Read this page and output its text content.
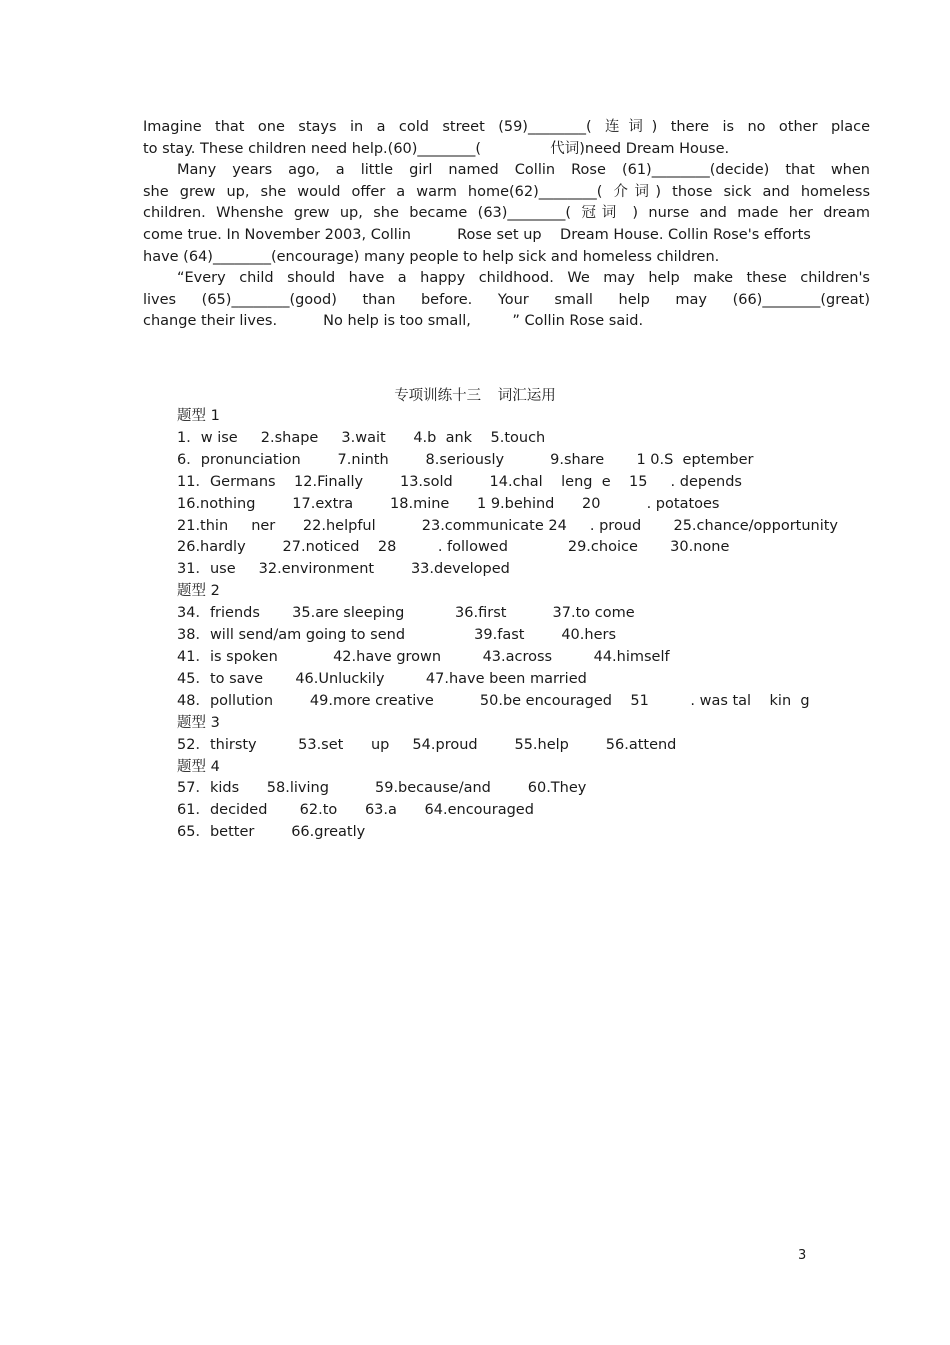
Imagine that one stays in a cold street (59)________( 连词) there is no other place

to stay. These children need help.(60)________(               代词)need Dream House.

Many years ago, a little girl named Collin Rose (61)________(decide) that when

she grew up, she would offer a warm home(62)________( 介词) those sick and homeless

children. Whenshe grew up, she became (63)________( 冠词 ) nurse and made her dream

come true. In November 2003, Collin          Rose set up    Dream House. Collin Rose's efforts

have (64)________(encourage) many people to help sick and homeless children.

“Every child should have a happy childhood. We may help make these children's

lives (65)________(good) than before. Your small help may (66)________(great)

change their lives.          No help is too small,         ” Collin Rose said.

专项训练十三 词汇运用
题型 1
1．w ise     2.shape     3.wait      4.b  ank    5.touch
6．pronunciation        7.ninth        8.seriously          9.share       1 0.S  eptember
11．Germans    12.Finally        13.sold        14.chal    leng  e    15     . depends
16.nothing        17.extra        18.mine      1 9.behind      20          . potatoes
21.thin     ner      22.helpful          23.communicate 24     . proud       25.chance/opportunity
26.hardly        27.noticed    28         . followed             29.choice       30.none
31．use     32.environment        33.developed
题型 2
34．friends       35.are sleeping           36.first          37.to come
38．will send/am going to send               39.fast        40.hers
41．is spoken            42.have grown         43.across         44.himself
45．to save       46.Unluckily         47.have been married
48．pollution        49.more creative          50.be encouraged    51         . was tal    kin  g
题型 3
52．thirsty         53.set      up     54.proud        55.help        56.attend
题型 4
57．kids      58.living          59.because/and        60.They
61．decided       62.to      63.a      64.encouraged
65．better        66.greatly
3
